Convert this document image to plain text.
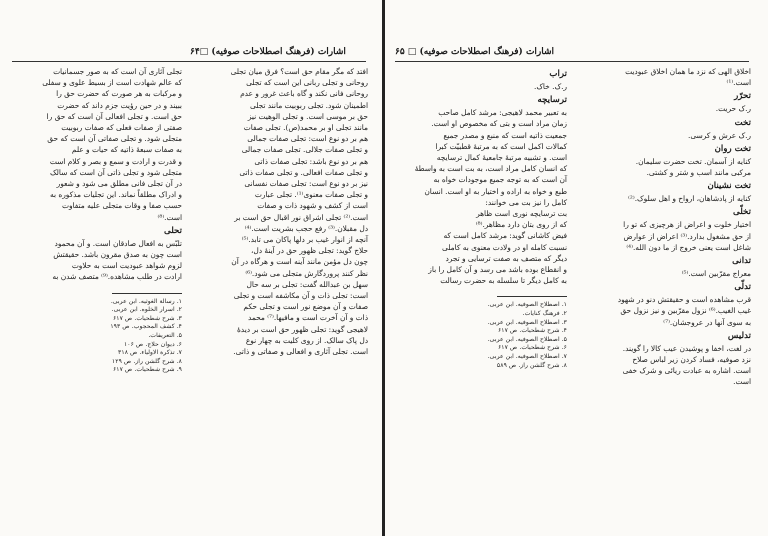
۶۴□ اشارات (فرهنگ اصطلاحات صوفیه)

افتد که مگر مقام حق است؟ فرق میان تجلی

روحانی و تجلی ربانی این است که تجلی

روحانی فانی نکند و گاه باعث غرور و عدم

اطمینان شود. تجلی ربوبیت مانند تجلی

حق بر موسی است. و تجلی الوهیت نیز

مانند تجلی او بر محمد(ص). تجلی صفات

هم بر دو نوع است: تجلی صفات جمالی

و تجلی صفات جلالی. تجلی صفات جمالی

هم بر دو نوع باشد: تجلی صفات ذاتی

و تجلی صفات افعالی. و تجلی صفات ذاتی

نیز بر دو نوع است: تجلی صفات نفسانی

و تجلی صفات معنوی⁽¹⁾. تجلی عبارت

است از کشف و شهود ذات و صفات

است.⁽²⁾ تجلی اشراق نور اقبال حق است بر

دل مقبلان.⁽³⁾ رفع حجب بشریت است.⁽⁴⁾

آنچه از انوار غیب بر دلها پاکان می تابد.⁽⁵⁾

حلاج گوید: تجلی ظهور حق در آینهٔ دل،

چون دل مؤمن مانند آینه است و هرگاه در آن

نظر کنند پروردگارش متجلی می شود.⁽⁶⁾

سهل بن عبدالله گفت: تجلی بر سه حال

است: تجلی ذات و آن مکاشفه است و تجلی

صفات و آن موضع نور است و تجلی حکم

ذات و آن آخرت است و مافیها.⁽⁷⁾ محمد

لاهیجی گوید: تجلی ظهور حق است بر دیدهٔ

دل پاک سالک. از روی کلیت به چهار نوع

است. تجلی آثاری و افعالی و صفاتی و ذاتی.

تجلی آثاری آن است که به صور جسمانیات

که عالم شهادت است از بسیط علوی و سفلی

و مرکبات به هر صورت که حضرت حق را

ببیند و در حین رؤیت جزم داند که حضرت

حق است. و تجلی افعالی آن است که حق را

صفتی از صفات فعلی که صفات ربوبیت

متجلی شود. و تجلی صفاتی آن است که حق

به صفات سبعهٔ ذاتیه که حیات و علم

و قدرت و ارادت و سمع و بصر و کلام است

متجلی شود و تجلی ذاتی آن است که سالک

در آن تجلی فانی مطلق می شود و شعور

و ادراک مطلقاً نماند. این تجلیات مذکوره به

حسب صفا و وقات متجلی علیه متفاوت

است.⁽⁸⁾

تحلی

تلبّس به افعال صادقان است. و آن محمود

است چون به صدق مقرون باشد. حقیقتش

لزوم شواهد عبودیت است به حلاوت

ارادت در طلب مشاهده.⁽⁹⁾ متصف شدن به

۱. رسالة الغوثیه. ابن عربی.
۲. اسرار الخلوه. ابن عربی.
۳. شرح شطحیات. ص ۶۱۷
۴. کشف المحجوب. ص ۱۹۳
۵. التعریفات.
۶. دیوان حلاج. ص ۱۰۶
۷. تذکرة الاولیاء. ص ۳۱۸
۸. شرح گلشن راز. ص ۱۲۹
۹. شرح شطحیات. ص ۶۱۷
اشارات (فرهنگ اصطلاحات صوفیه) □ ۶۵

اخلاق الهی که نزد ما همان اخلاق عبودیت

است.⁽¹⁾

تحرّر

ر.ک حریت.

تخت

ر.ک عرش و کرسی.

تخت روان

کنایه از آسمان. تخت حضرت سلیمان.

مرکبی مانند اسب و شتر و کشتی.

تخت نشینان

کنایه از پادشاهان، ارواح و اهل سلوک.⁽²⁾

تخلّی

اختیار خلوت و اعراض از هرچیزی که تو را

از حق مشغول بدارد.⁽³⁾ اعراض از عوارض

شاغل است یعنی خروج از ما دون الله.⁽⁴⁾

تدانی

معراج مقرّبین است.⁽⁵⁾

تدلّی

قرب مشاهده است و حقیقتش دنو در شهود

غیب الغیب.⁽⁶⁾ نزول مقرّبین و نیز نزول حق

به سوی آنها در عروجشان.⁽⁷⁾

تدلیس

در لغت، اخفا و پوشیدن عیب کالا را گویند.

نزد صوفیه، فساد کردن زیر لباس صلاح

است. اشاره به عبادت ریائی و شرک خفی

است.

تراب

ر.ک. خاک.

ترسایچه

به تعبیر محمد لاهیجی: مرشد کامل صاحب

زمان مراد است و بتی که مخصوص او است.

جمعیت ذاتیه است که منبع و مصدر جمیع

کمالات اکمل است که به مرتبهٔ قطبیّت کبرا

است. و تشبیه مرتبهٔ جامعیهٔ کمال ترسایچه

که انسان کامل مراد است، به بت است به واسطهٔ

آن است که به توجه جمیع موجودات خواه به

طبع و خواه به اراده و اختیار به او است. انسان

کامل را نیز بت می خوانند:

بت ترسایچه نوری است ظاهر

که از روی بتان دارد مظاهر.⁽⁸⁾

فیض کاشانی گوید: مرشد کامل است که

نسبت کامله او در ولادت معنوی به کاملی

دیگر که متصف به صفت ترسایی و تجرد

و انقطاع بوده باشد می رسد و آن کامل را باز

به کامل دیگر تا سلسله به حضرت رسالت

۱. اصطلاح الصوفیه. ابن عربی.
۲. فرهنگ کنایات.
۳. اصطلاح الصوفیه. ابن عربی.
۴. شرح شطحیات. ص ۶۱۷
۵. اصطلاح الصوفیه. ابن عربی.
۶. شرح شطحیات. ص ۶۱۷
۷. اصطلاح الصوفیه. ابن عربی.
۸. شرح گلشن راز. ص ۵۸۹
